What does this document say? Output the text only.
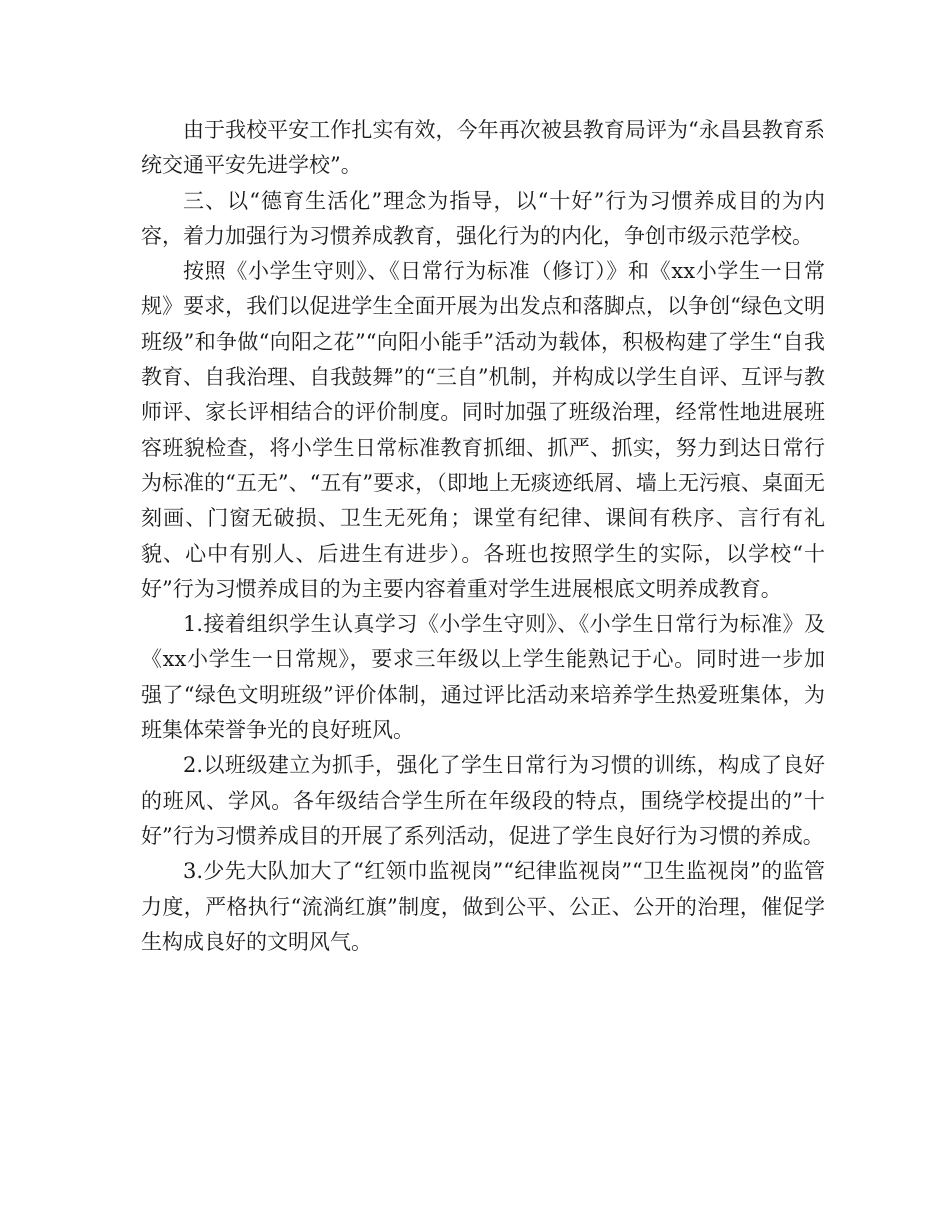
由于我校平安工作扎实有效，今年再次被县教育局评为“永昌县教育系统交通平安先进学校”。

三、以“德育生活化”理念为指导，以“十好”行为习惯养成目的为内容，着力加强行为习惯养成教育，强化行为的内化，争创市级示范学校。

按照《小学生守则》、《日常行为标准（修订）》和《xx小学生一日常规》要求，我们以促进学生全面开展为出发点和落脚点，以争创“绿色文明班级”和争做“向阳之花”“向阳小能手”活动为载体，积极构建了学生“自我教育、自我治理、自我鼓舞”的“三自”机制，并构成以学生自评、互评与教师评、家长评相结合的评价制度。同时加强了班级治理，经常性地进展班容班貌检查，将小学生日常标准教育抓细、抓严、抓实，努力到达日常行为标准的“五无”、“五有”要求，（即地上无痰迹纸屑、墙上无污痕、桌面无刻画、门窗无破损、卫生无死角；课堂有纪律、课间有秩序、言行有礼貌、心中有别人、后进生有进步）。各班也按照学生的实际，以学校“十好”行为习惯养成目的为主要内容着重对学生进展根底文明养成教育。

1.接着组织学生认真学习《小学生守则》、《小学生日常行为标准》及《xx小学生一日常规》，要求三年级以上学生能熟记于心。同时进一步加强了“绿色文明班级”评价体制，通过评比活动来培养学生热爱班集体，为班集体荣誉争光的良好班风。

2.以班级建立为抓手，强化了学生日常行为习惯的训练，构成了良好的班风、学风。各年级结合学生所在年级段的特点，围绕学校提出的”十好”行为习惯养成目的开展了系列活动，促进了学生良好行为习惯的养成。

3.少先大队加大了“红领巾监视岗”“纪律监视岗”“卫生监视岗”的监管力度，严格执行“流淌红旗”制度，做到公平、公正、公开的治理，催促学生构成良好的文明风气。
